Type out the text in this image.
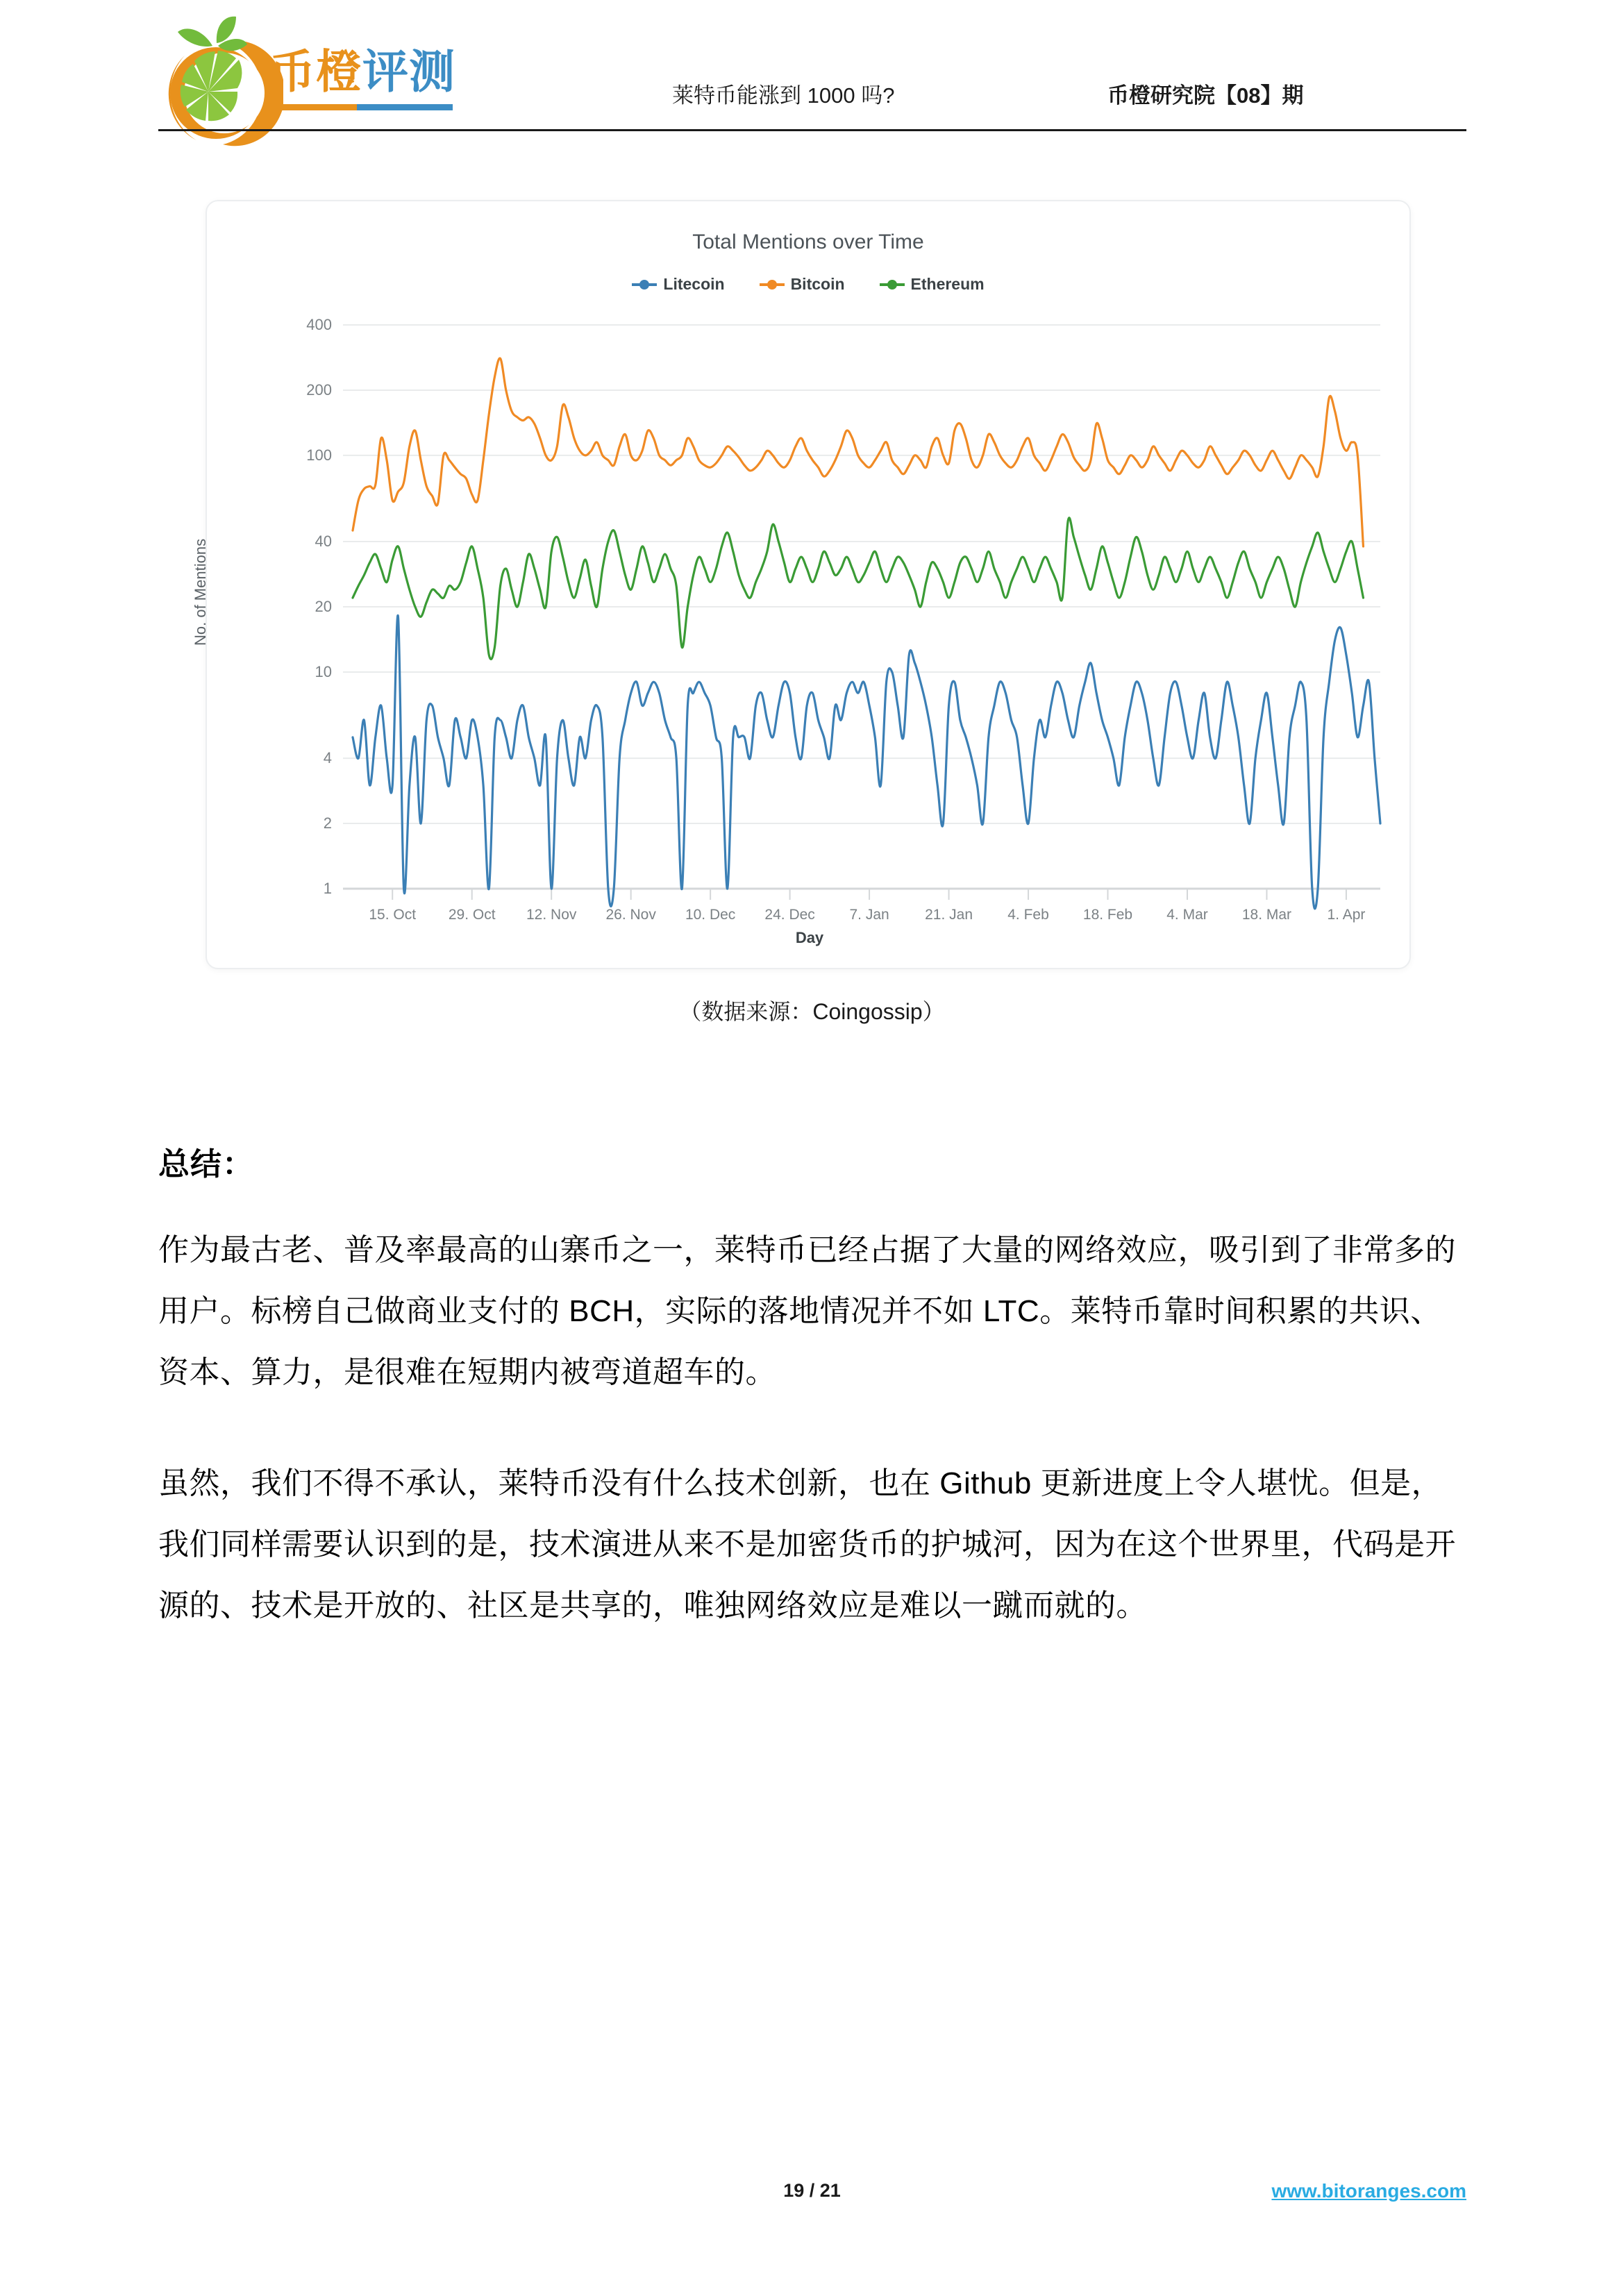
币橙评测	莱特币能涨到 1000 吗?	币橙研究院【08】期
Total Mentions over Time
Litecoin	Bitcoin	Ethereum
No. of Mentions
Day
400
200
100
40
20
10
4
2
1
15. Oct 29. Oct 12. Nov 26. Nov 10. Dec 24. Dec 7. Jan 21. Jan 4. Feb 18. Feb 4. Mar 18. Mar 1. Apr
（数据来源：Coingossip）
总结：

作为最古老、普及率最高的山寨币之一，莱特币已经占据了大量的网络效应，吸引到了非常多的用户。标榜自己做商业支付的 BCH，实际的落地情况并不如 LTC。莱特币靠时间积累的共识、资本、算力，是很难在短期内被弯道超车的。

虽然，我们不得不承认，莱特币没有什么技术创新，也在 Github 更新进度上令人堪忧。但是，我们同样需要认识到的是，技术演进从来不是加密货币的护城河，因为在这个世界里，代码是开源的、技术是开放的、社区是共享的，唯独网络效应是难以一蹴而就的。

19 / 21	www.bitoranges.com
